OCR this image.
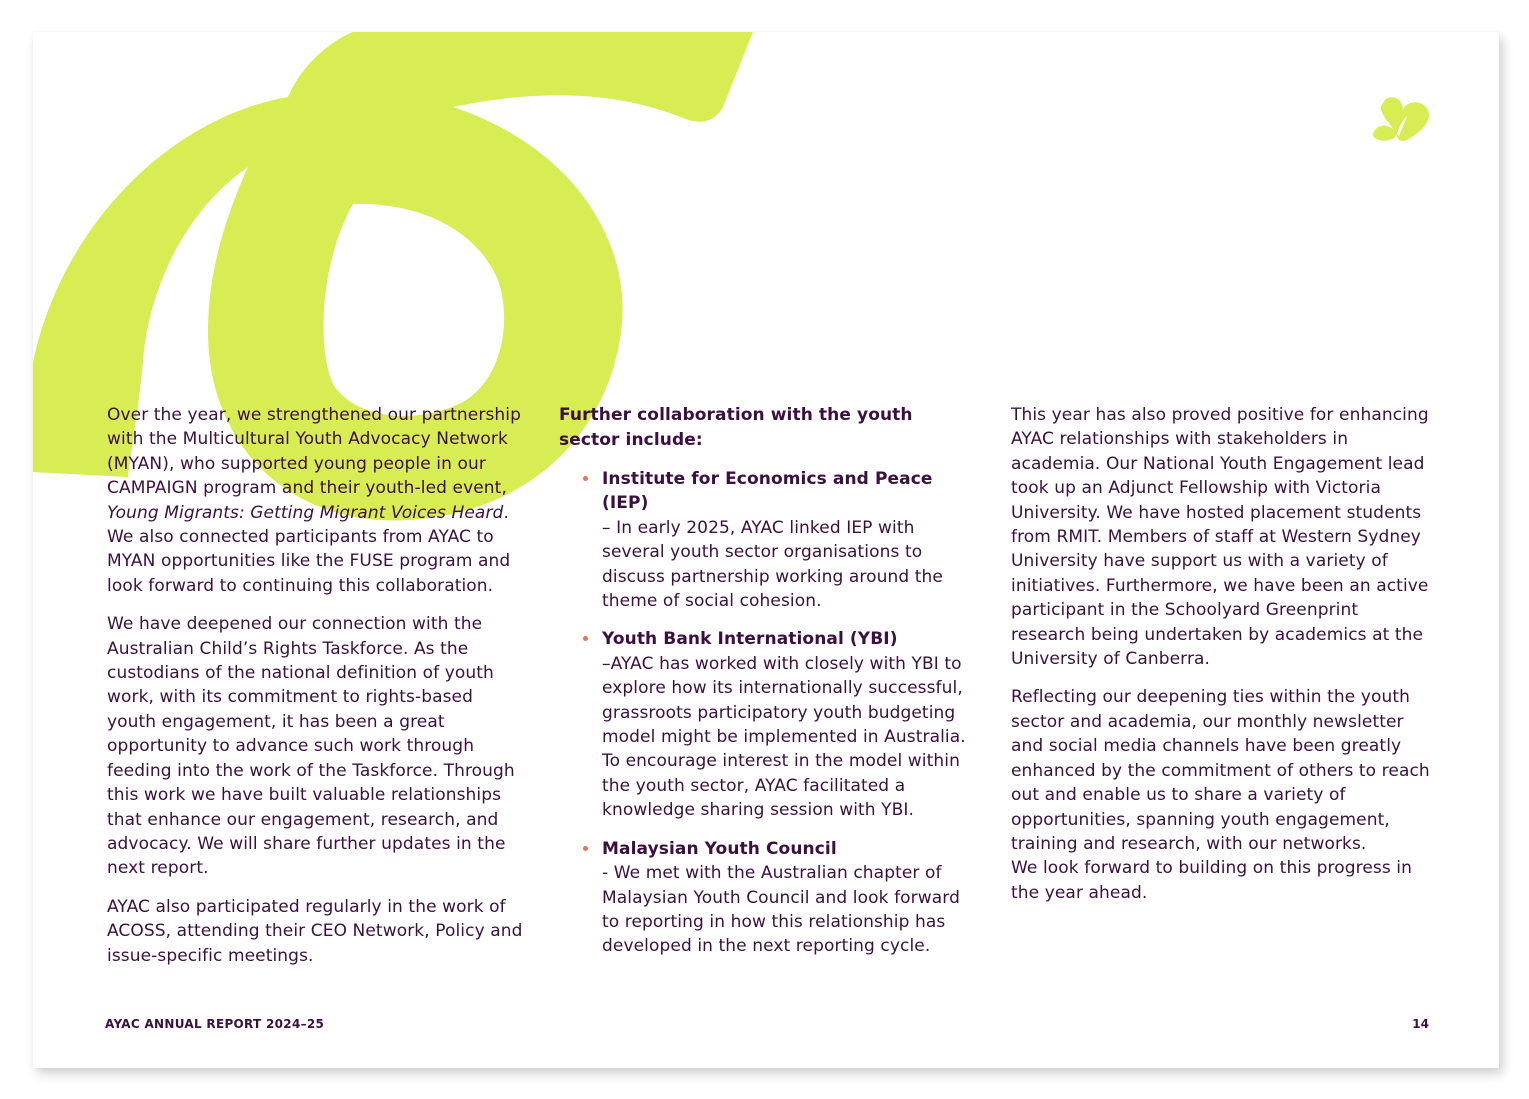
Over the year, we strengthened our partnership with the Multicultural Youth Advocacy Network (MYAN), who supported young people in our CAMPAIGN program and their youth-led event, Young Migrants: Getting Migrant Voices Heard. We also connected participants from AYAC to MYAN opportunities like the FUSE program and look forward to continuing this collaboration.

We have deepened our connection with the Australian Child’s Rights Taskforce. As the custodians of the national definition of youth work, with its commitment to rights-based youth engagement, it has been a great opportunity to advance such work through feeding into the work of the Taskforce. Through this work we have built valuable relationships that enhance our engagement, research, and advocacy. We will share further updates in the next report.

AYAC also participated regularly in the work of ACOSS, attending their CEO Network, Policy and issue-specific meetings.

Further collaboration with the youth sector include:
Institute for Economics and Peace (IEP)
– In early 2025, AYAC linked IEP with several youth sector organisations to discuss partnership working around the theme of social cohesion.
Youth Bank International (YBI)
–AYAC has worked with closely with YBI to explore how its internationally successful, grassroots participatory youth budgeting model might be implemented in Australia. To encourage interest in the model within the youth sector, AYAC facilitated a knowledge sharing session with YBI.
Malaysian Youth Council
- We met with the Australian chapter of Malaysian Youth Council and look forward to reporting in how this relationship has developed in the next reporting cycle.

This year has also proved positive for enhancing AYAC relationships with stakeholders in academia. Our National Youth Engagement lead took up an Adjunct Fellowship with Victoria University. We have hosted placement students from RMIT. Members of staff at Western Sydney University have support us with a variety of initiatives. Furthermore, we have been an active participant in the Schoolyard Greenprint research being undertaken by academics at the University of Canberra.

Reflecting our deepening ties within the youth sector and academia, our monthly newsletter and social media channels have been greatly enhanced by the commitment of others to reach out and enable us to share a variety of opportunities, spanning youth engagement, training and research, with our networks.

We look forward to building on this progress in the year ahead.

AYAC ANNUAL REPORT 2024–25	14
